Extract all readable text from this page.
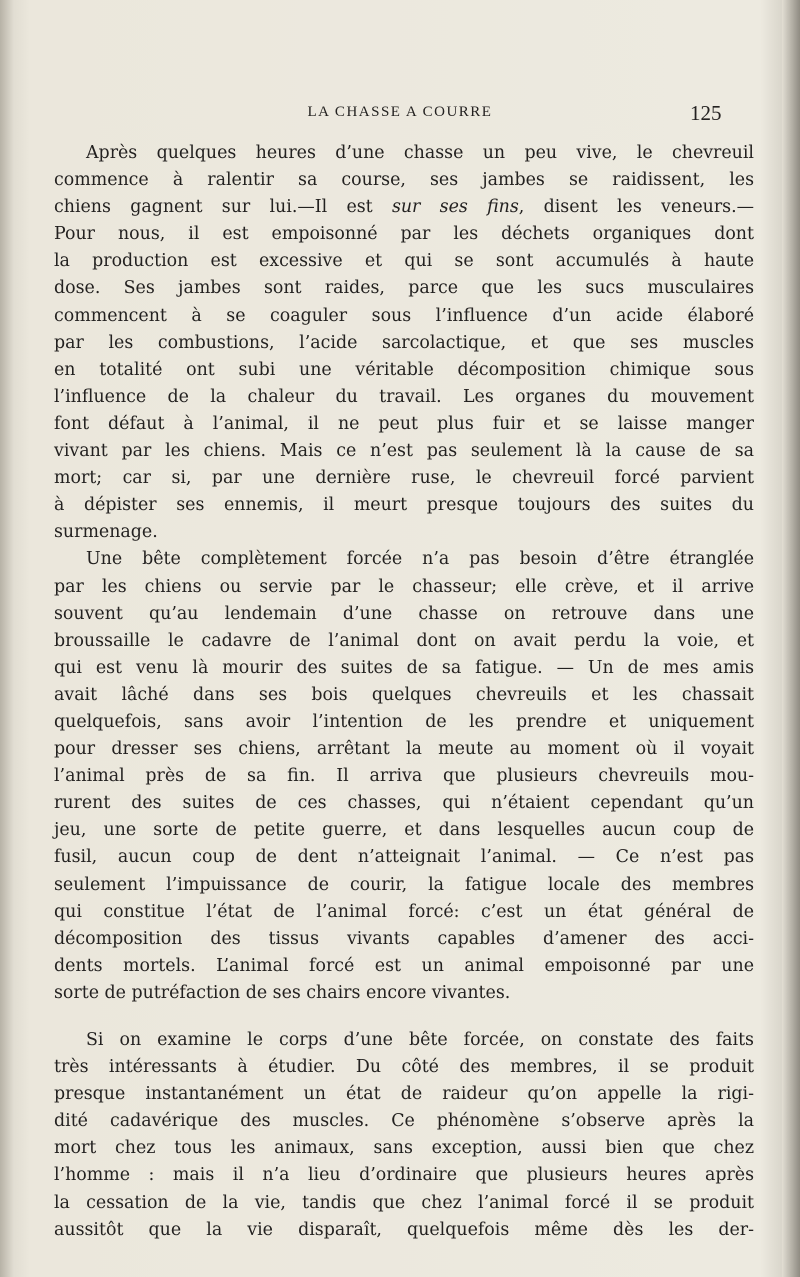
LA CHASSE A COURRE	125
Après quelques heures d’une chasse un peu vive, le chevreuil
commence à ralentir sa course, ses jambes se raidissent, les
chiens gagnent sur lui.—Il est sur ses fins, disent les veneurs.—
Pour nous, il est empoisonné par les déchets organiques dont
la production est excessive et qui se sont accumulés à haute
dose. Ses jambes sont raides, parce que les sucs musculaires
commencent à se coaguler sous l’influence d’un acide élaboré
par les combustions, l’acide sarcolactique, et que ses muscles
en totalité ont subi une véritable décomposition chimique sous
l’influence de la chaleur du travail. Les organes du mouvement
font défaut à l’animal, il ne peut plus fuir et se laisse manger
vivant par les chiens. Mais ce n’est pas seulement là la cause de sa
mort; car si, par une dernière ruse, le chevreuil forcé parvient
à dépister ses ennemis, il meurt presque toujours des suites du
surmenage.
Une bête complètement forcée n’a pas besoin d’être étranglée
par les chiens ou servie par le chasseur; elle crève, et il arrive
souvent qu’au lendemain d’une chasse on retrouve dans une
broussaille le cadavre de l’animal dont on avait perdu la voie, et
qui est venu là mourir des suites de sa fatigue. — Un de mes amis
avait lâché dans ses bois quelques chevreuils et les chassait
quelquefois, sans avoir l’intention de les prendre et uniquement
pour dresser ses chiens, arrêtant la meute au moment où il voyait
l’animal près de sa fin. Il arriva que plusieurs chevreuils mou-
rurent des suites de ces chasses, qui n’étaient cependant qu’un
jeu, une sorte de petite guerre, et dans lesquelles aucun coup de
fusil, aucun coup de dent n’atteignait l’animal. — Ce n’est pas
seulement l’impuissance de courir, la fatigue locale des membres
qui constitue l’état de l’animal forcé: c’est un état général de
décomposition des tissus vivants capables d’amener des acci-
dents mortels. L’animal forcé est un animal empoisonné par une
sorte de putréfaction de ses chairs encore vivantes.
Si on examine le corps d’une bête forcée, on constate des faits
très intéressants à étudier. Du côté des membres, il se produit
presque instantanément un état de raideur qu’on appelle la rigi-
dité cadavérique des muscles. Ce phénomène s’observe après la
mort chez tous les animaux, sans exception, aussi bien que chez
l’homme : mais il n’a lieu d’ordinaire que plusieurs heures après
la cessation de la vie, tandis que chez l’animal forcé il se produit
aussitôt que la vie disparaît, quelquefois même dès les der-
